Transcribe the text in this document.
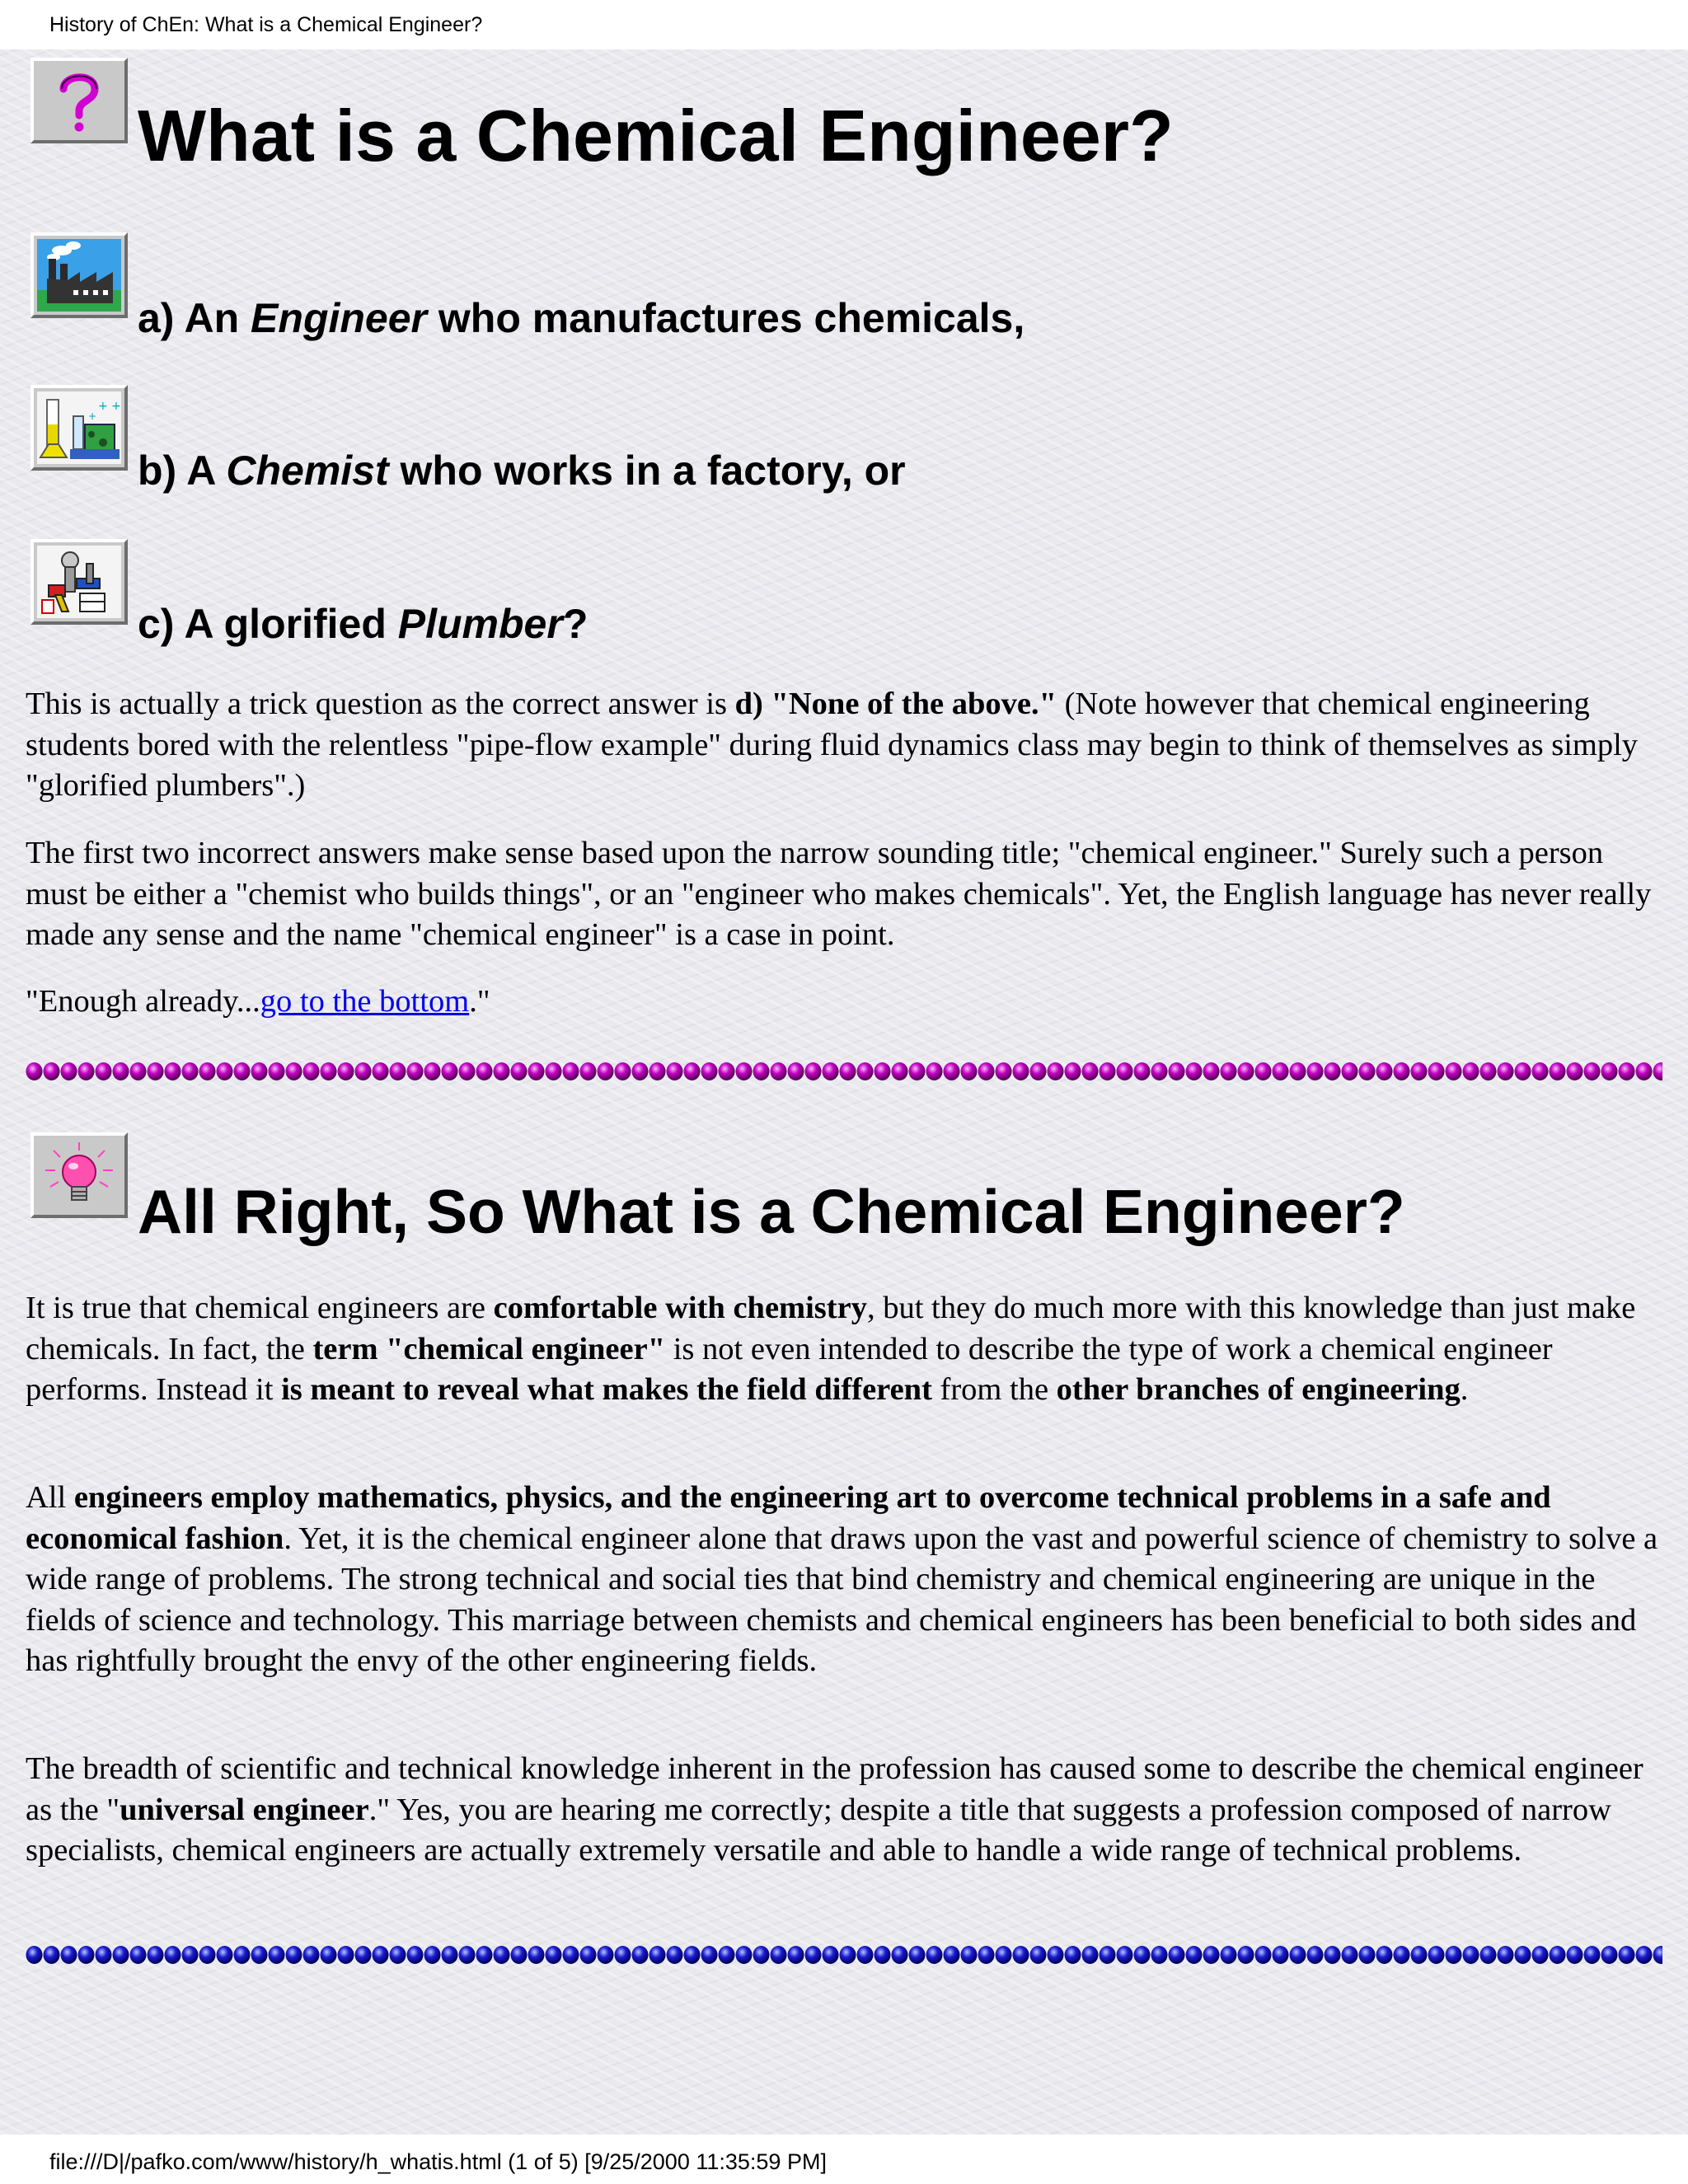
History of ChEn: What is a Chemical Engineer?
What is a Chemical Engineer?
a) An Engineer who manufactures chemicals,
+ +
+
b) A Chemist who works in a factory, or
c) A glorified Plumber?

This is actually a trick question as the correct answer is d) "None of the above." (Note however that chemical engineering students bored with the relentless "pipe-flow example" during fluid dynamics class may begin to think of themselves as simply "glorified plumbers".)

The first two incorrect answers make sense based upon the narrow sounding title; "chemical engineer." Surely such a person must be either a "chemist who builds things", or an "engineer who makes chemicals". Yet, the English language has never really made any sense and the name "chemical engineer" is a case in point.

"Enough already...go to the bottom."

All Right, So What is a Chemical Engineer?

It is true that chemical engineers are comfortable with chemistry, but they do much more with this knowledge than just make chemicals. In fact, the term "chemical engineer" is not even intended to describe the type of work a chemical engineer performs. Instead it is meant to reveal what makes the field different from the other branches of engineering.

All engineers employ mathematics, physics, and the engineering art to overcome technical problems in a safe and economical fashion. Yet, it is the chemical engineer alone that draws upon the vast and powerful science of chemistry to solve a wide range of problems. The strong technical and social ties that bind chemistry and chemical engineering are unique in the fields of science and technology. This marriage between chemists and chemical engineers has been beneficial to both sides and has rightfully brought the envy of the other engineering fields.

The breadth of scientific and technical knowledge inherent in the profession has caused some to describe the chemical engineer as the "universal engineer." Yes, you are hearing me correctly; despite a title that suggests a profession composed of narrow specialists, chemical engineers are actually extremely versatile and able to handle a wide range of technical problems.

file:///D|/pafko.com/www/history/h_whatis.html (1 of 5) [9/25/2000 11:35:59 PM]
